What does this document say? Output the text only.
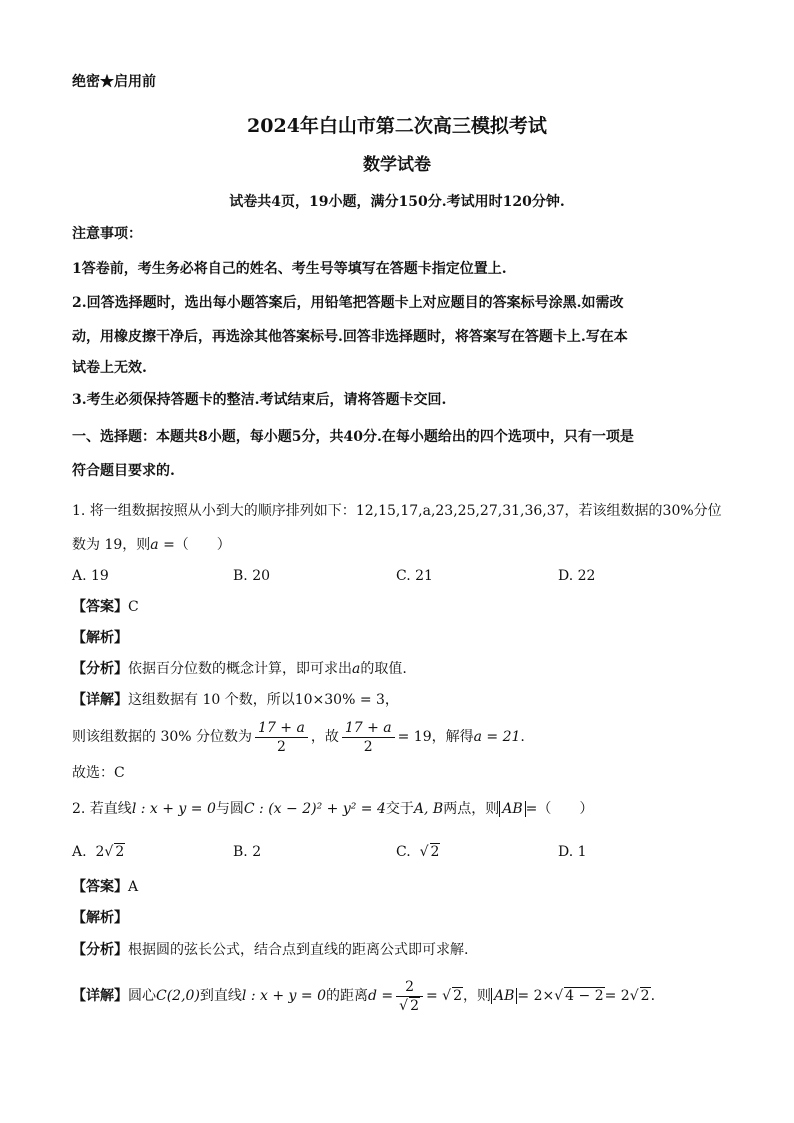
绝密★启用前
2024年白山市第二次高三模拟考试
数学试卷
试卷共4页，19小题，满分150分.考试用时120分钟.
注意事项：
1答卷前，考生务必将自己的姓名、考生号等填写在答题卡指定位置上.
2.回答选择题时，选出每小题答案后，用铅笔把答题卡上对应题目的答案标号涂黑.如需改
动，用橡皮擦干净后，再选涂其他答案标号.回答非选择题时，将答案写在答题卡上.写在本
试卷上无效.
3.考生必须保持答题卡的整洁.考试结束后，请将答题卡交回.
一、选择题：本题共8小题，每小题5分，共40分.在每小题给出的四个选项中，只有一项是
符合题目要求的.
1. 将一组数据按照从小到大的顺序排列如下：12,15,17,a,23,25,27,31,36,37，若该组数据的30%分位
数为 19，则a =（　　）
A. 19	B. 20	C. 21	D. 22
【答案】C
【解析】
【分析】依据百分位数的概念计算，即可求出a的取值.
【详解】这组数据有 10 个数，所以10×30% = 3，
则该组数据的 30% 分位数为 $\frac{17 + a}{2}$ ，故 $\frac{17 + a}{2} = 19$，解得a = 21.
故选：C
2. 若直线l : x + y = 0与圆C : (x − 2)² + y² = 4交于A, B两点，则 AB =（　　）
A. 2√ 2	B. 2	C. √ 2	D. 1
【答案】A
【解析】
【分析】根据圆的弦长公式，结合点到直线的距离公式即可求解.
【详解】圆心C(2,0)到直线l : x + y = 0的距离$d = \frac{2}{√ 2}$ = √ 2，则 AB = 2×√ 4 − 2= 2√ 2.
